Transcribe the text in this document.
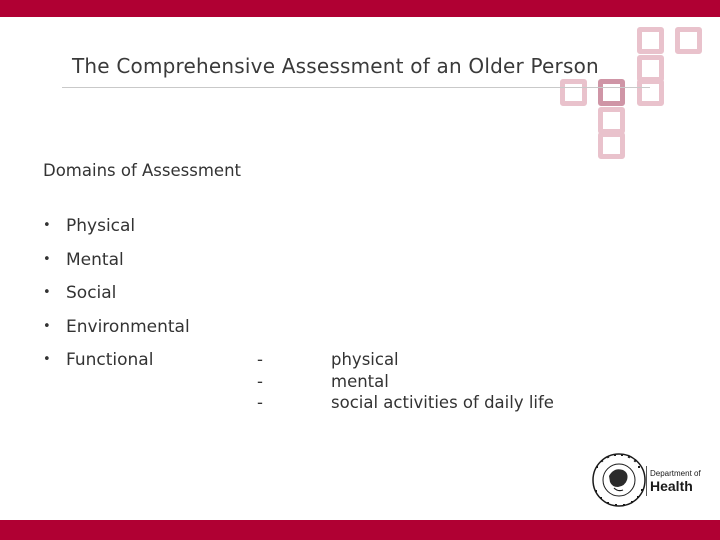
The Comprehensive Assessment of an Older Person
Domains of Assessment
• Physical
• Mental
• Social
• Environmental
• Functional	-
-
-
physical
mental
social activities of daily life
Department of
Health
